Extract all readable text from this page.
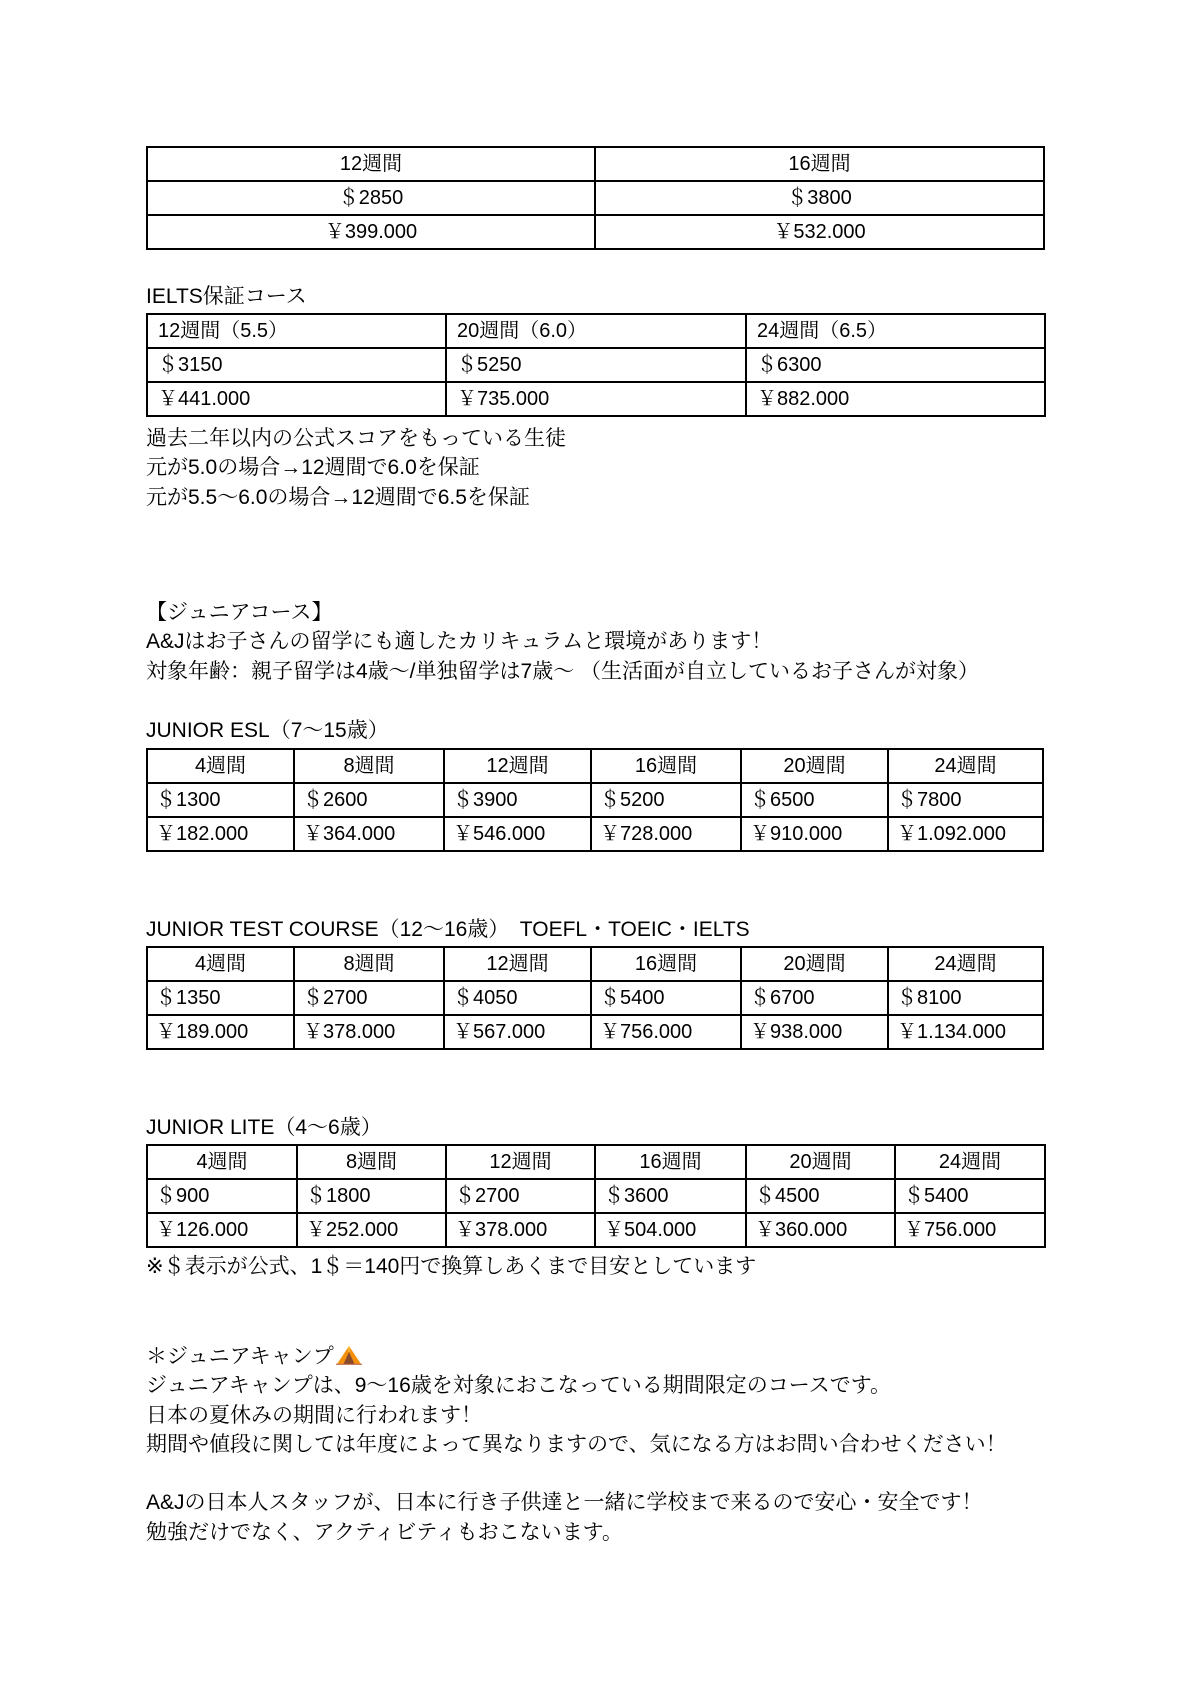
12週間	16週間
＄2850	＄3800
￥399.000	￥532.000
IELTS保証コース
12週間（5.5）	20週間（6.0）	24週間（6.5）
＄3150	＄5250	＄6300
￥441.000	￥735.000	￥882.000
過去二年以内の公式スコアをもっている生徒
元が5.0の場合→12週間で6.0を保証
元が5.5〜6.0の場合→12週間で6.5を保証
【ジュニアコース】
A&Jはお子さんの留学にも適したカリキュラムと環境があります！
対象年齢：親子留学は4歳〜/単独留学は7歳〜 （生活面が自立しているお子さんが対象）
JUNIOR ESL（7〜15歳）
4週間	8週間	12週間	16週間	20週間	24週間
＄1300	＄2600	＄3900	＄5200	＄6500	＄7800
￥182.000	￥364.000	￥546.000	￥728.000	￥910.000	￥1.092.000
JUNIOR TEST COURSE（12〜16歳）　TOEFL・TOEIC・IELTS
4週間	8週間	12週間	16週間	20週間	24週間
＄1350	＄2700	＄4050	＄5400	＄6700	＄8100
￥189.000	￥378.000	￥567.000	￥756.000	￥938.000	￥1.134.000
JUNIOR LITE（4〜6歳）
4週間	8週間	12週間	16週間	20週間	24週間
＄900	＄1800	＄2700	＄3600	＄4500	＄5400
￥126.000	￥252.000	￥378.000	￥504.000	￥360.000	￥756.000
※＄表示が公式、1＄＝140円で換算しあくまで目安としています
＊ジュニアキャンプ
ジュニアキャンプは、9〜16歳を対象におこなっている期間限定のコースです。
日本の夏休みの期間に行われます！
期間や値段に関しては年度によって異なりますので、気になる方はお問い合わせください！
A&Jの日本人スタッフが、日本に行き子供達と一緒に学校まで来るので安心・安全です！
勉強だけでなく、アクティビティもおこないます。
